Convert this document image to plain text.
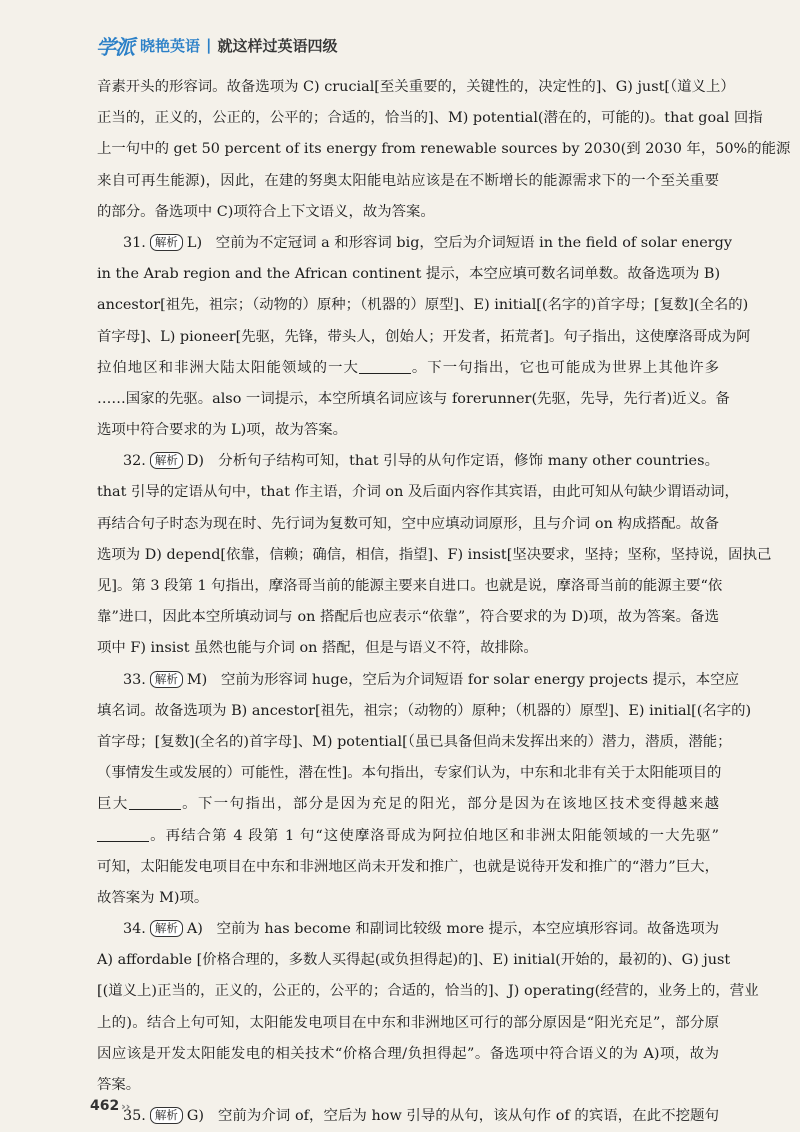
学派 晓艳英语 | 就这样过英语四级
音素开头的形容词。故备选项为 C) crucial[至关重要的，关键性的，决定性的]、G) just[（道义上）
正当的，正义的，公正的，公平的；合适的，恰当的]、M) potential(潜在的，可能的)。that goal 回指
上一句中的 get 50 percent of its energy from renewable sources by 2030(到 2030 年，50%的能源
来自可再生能源)，因此，在建的努奥太阳能电站应该是在不断增长的能源需求下的一个至关重要
的部分。备选项中 C)项符合上下文语义，故为答案。
31. 解析 L) 空前为不定冠词 a 和形容词 big，空后为介词短语 in the field of solar energy
in the Arab region and the African continent 提示，本空应填可数名词单数。故备选项为 B)
ancestor[祖先，祖宗；（动物的）原种；（机器的）原型]、E) initial[(名字的)首字母；[复数](全名的)
首字母]、L) pioneer[先驱，先锋，带头人，创始人；开发者，拓荒者]。句子指出，这使摩洛哥成为阿
拉伯地区和非洲大陆太阳能领域的一大	。下一句指出，它也可能成为世界上其他许多
……国家的先驱。also 一词提示，本空所填名词应该与 forerunner(先驱，先导，先行者)近义。备
选项中符合要求的为 L)项，故为答案。
32. 解析 D) 分析句子结构可知，that 引导的从句作定语，修饰 many other countries。
that 引导的定语从句中，that 作主语，介词 on 及后面内容作其宾语，由此可知从句缺少谓语动词，
再结合句子时态为现在时、先行词为复数可知，空中应填动词原形，且与介词 on 构成搭配。故备
选项为 D) depend[依靠，信赖；确信，相信，指望]、F) insist[坚决要求，坚持；坚称，坚持说，固执己
见]。第 3 段第 1 句指出，摩洛哥当前的能源主要来自进口。也就是说，摩洛哥当前的能源主要“依
靠”进口，因此本空所填动词与 on 搭配后也应表示“依靠”，符合要求的为 D)项，故为答案。备选
项中 F) insist 虽然也能与介词 on 搭配，但是与语义不符，故排除。
33. 解析 M) 空前为形容词 huge，空后为介词短语 for solar energy projects 提示，本空应
填名词。故备选项为 B) ancestor[祖先，祖宗；（动物的）原种；（机器的）原型]、E) initial[(名字的)
首字母；[复数](全名的)首字母]、M) potential[（虽已具备但尚未发挥出来的）潜力，潜质，潜能；
（事情发生或发展的）可能性，潜在性]。本句指出，专家们认为，中东和北非有关于太阳能项目的
巨大	。下一句指出，部分是因为充足的阳光，部分是因为在该地区技术变得越来越
。再结合第 4 段第 1 句“这使摩洛哥成为阿拉伯地区和非洲太阳能领域的一大先驱”
可知，太阳能发电项目在中东和非洲地区尚未开发和推广，也就是说待开发和推广的“潜力”巨大，
故答案为 M)项。
34. 解析 A) 空前为 has become 和副词比较级 more 提示，本空应填形容词。故备选项为
A) affordable [价格合理的，多数人买得起(或负担得起)的]、E) initial(开始的，最初的)、G) just
[(道义上)正当的，正义的，公正的，公平的；合适的，恰当的]、J) operating(经营的，业务上的，营业
上的)。结合上句可知，太阳能发电项目在中东和非洲地区可行的部分原因是“阳光充足”，部分原
因应该是开发太阳能发电的相关技术“价格合理/负担得起”。备选项中符合语义的为 A)项，故为
答案。
35. 解析 G) 空前为介词 of，空后为 how 引导的从句，该从句作 of 的宾语，在此不挖题句
462 ››
